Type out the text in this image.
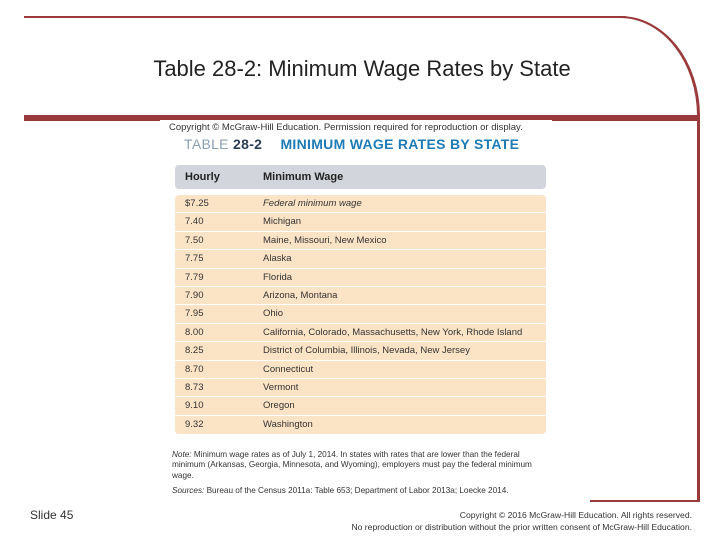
Table 28-2: Minimum Wage Rates by State
Copyright © McGraw-Hill Education. Permission required for reproduction or display.
TABLE 28-2 MINIMUM WAGE RATES BY STATE
Hourly	Minimum Wage
$7.25	Federal minimum wage
7.40	Michigan
7.50	Maine, Missouri, New Mexico
7.75	Alaska
7.79	Florida
7.90	Arizona, Montana
7.95	Ohio
8.00	California, Colorado, Massachusetts, New York, Rhode Island
8.25	District of Columbia, Illinois, Nevada, New Jersey
8.70	Connecticut
8.73	Vermont
9.10	Oregon
9.32	Washington
Note: Minimum wage rates as of July 1, 2014. In states with rates that are lower than the federal minimum (Arkansas, Georgia, Minnesota, and Wyoming), employers must pay the federal minimum wage.
Sources: Bureau of the Census 2011a: Table 653; Department of Labor 2013a; Loecke 2014.
Slide 45	Copyright © 2016 McGraw-Hill Education. All rights reserved.
No reproduction or distribution without the prior written consent of McGraw-Hill Education.
